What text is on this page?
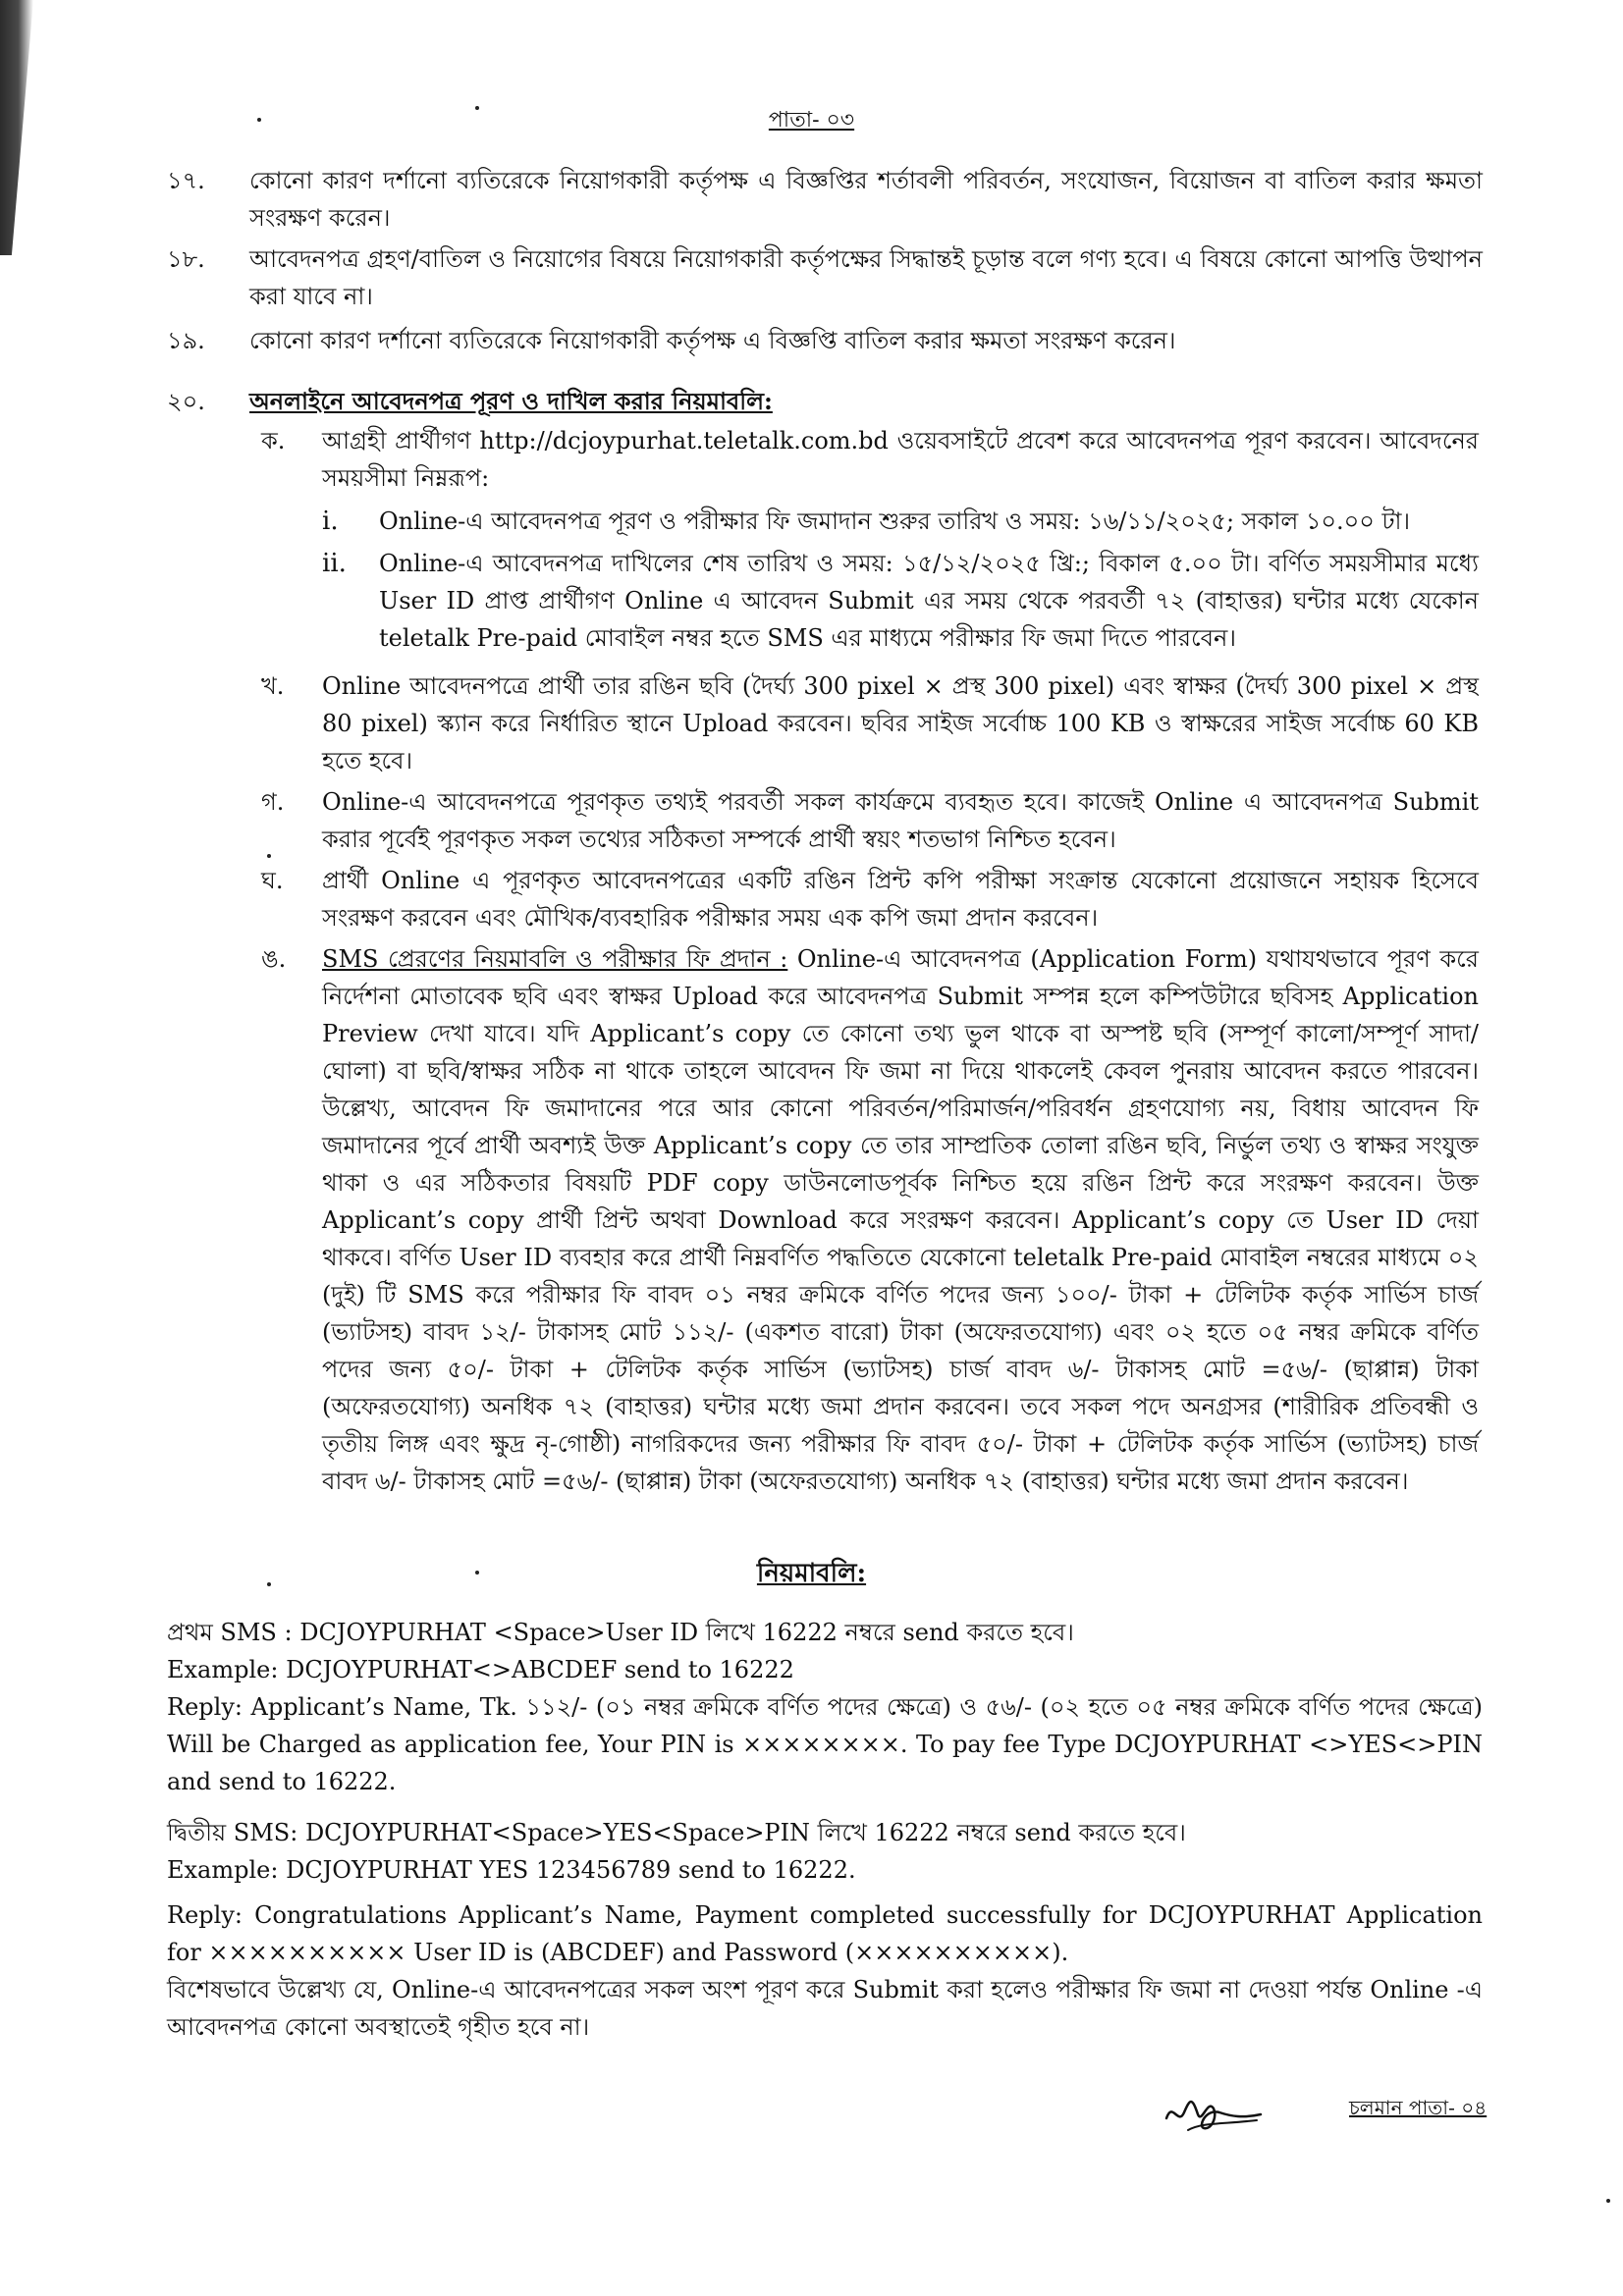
পাতা- ০৩
১৭.	কোনো কারণ দর্শানো ব্যতিরেকে নিয়োগকারী কর্তৃপক্ষ এ বিজ্ঞপ্তির শর্তাবলী পরিবর্তন, সংযোজন, বিয়োজন বা বাতিল করার ক্ষমতা সংরক্ষণ করেন।
১৮.	আবেদনপত্র গ্রহণ/বাতিল ও নিয়োগের বিষয়ে নিয়োগকারী কর্তৃপক্ষের সিদ্ধান্তই চূড়ান্ত বলে গণ্য হবে। এ বিষয়ে কোনো আপত্তি উত্থাপন করা যাবে না।
১৯.	কোনো কারণ দর্শানো ব্যতিরেকে নিয়োগকারী কর্তৃপক্ষ এ বিজ্ঞপ্তি বাতিল করার ক্ষমতা সংরক্ষণ করেন।
২০.	অনলাইনে আবেদনপত্র পূরণ ও দাখিল করার নিয়মাবলি:
ক.	আগ্রহী প্রার্থীগণ http://dcjoypurhat.teletalk.com.bd ওয়েবসাইটে প্রবেশ করে আবেদনপত্র পূরণ করবেন। আবেদনের সময়সীমা নিম্নরূপ:
i.	Online-এ আবেদনপত্র পূরণ ও পরীক্ষার ফি জমাদান শুরুর তারিখ ও সময়: ১৬/১১/২০২৫; সকাল ১০.০০ টা।
ii.	Online-এ আবেদনপত্র দাখিলের শেষ তারিখ ও সময়: ১৫/১২/২০২৫ খ্রি:; বিকাল ৫.০০ টা। বর্ণিত সময়সীমার মধ্যে User ID প্রাপ্ত প্রার্থীগণ Online এ আবেদন Submit এর সময় থেকে পরবর্তী ৭২ (বাহাত্তর) ঘন্টার মধ্যে যেকোন teletalk Pre-paid মোবাইল নম্বর হতে SMS এর মাধ্যমে পরীক্ষার ফি জমা দিতে পারবেন।
খ.	Online আবেদনপত্রে প্রার্থী তার রঙিন ছবি (দৈর্ঘ্য 300 pixel × প্রস্থ 300 pixel) এবং স্বাক্ষর (দৈর্ঘ্য 300 pixel × প্রস্থ 80 pixel) স্ক্যান করে নির্ধারিত স্থানে Upload করবেন। ছবির সাইজ সর্বোচ্চ 100 KB ও স্বাক্ষরের সাইজ সর্বোচ্চ 60 KB হতে হবে।
গ.	Online-এ আবেদনপত্রে পূরণকৃত তথ্যই পরবর্তী সকল কার্যক্রমে ব্যবহৃত হবে। কাজেই Online এ আবেদনপত্র Submit করার পূর্বেই পূরণকৃত সকল তথ্যের সঠিকতা সম্পর্কে প্রার্থী স্বয়ং শতভাগ নিশ্চিত হবেন।
ঘ.	প্রার্থী Online এ পূরণকৃত আবেদনপত্রের একটি রঙিন প্রিন্ট কপি পরীক্ষা সংক্রান্ত যেকোনো প্রয়োজনে সহায়ক হিসেবে সংরক্ষণ করবেন এবং মৌখিক/ব্যবহারিক পরীক্ষার সময় এক কপি জমা প্রদান করবেন।
ঙ.	SMS প্রেরণের নিয়মাবলি ও পরীক্ষার ফি প্রদান : Online-এ আবেদনপত্র (Application Form) যথাযথভাবে পূরণ করে নির্দেশনা মোতাবেক ছবি এবং স্বাক্ষর Upload করে আবেদনপত্র Submit সম্পন্ন হলে কম্পিউটারে ছবিসহ Application Preview দেখা যাবে। যদি Applicant’s copy তে কোনো তথ্য ভুল থাকে বা অস্পষ্ট ছবি (সম্পূর্ণ কালো/সম্পূর্ণ সাদা/ঘোলা) বা ছবি/স্বাক্ষর সঠিক না থাকে তাহলে আবেদন ফি জমা না দিয়ে থাকলেই কেবল পুনরায় আবেদন করতে পারবেন। উল্লেখ্য, আবেদন ফি জমাদানের পরে আর কোনো পরিবর্তন/পরিমার্জন/পরিবর্ধন গ্রহণযোগ্য নয়, বিধায় আবেদন ফি জমাদানের পূর্বে প্রার্থী অবশ্যই উক্ত Applicant’s copy তে তার সাম্প্রতিক তোলা রঙিন ছবি, নির্ভুল তথ্য ও স্বাক্ষর সংযুক্ত থাকা ও এর সঠিকতার বিষয়টি PDF copy ডাউনলোডপূর্বক নিশ্চিত হয়ে রঙিন প্রিন্ট করে সংরক্ষণ করবেন। উক্ত Applicant’s copy প্রার্থী প্রিন্ট অথবা Download করে সংরক্ষণ করবেন। Applicant’s copy তে User ID দেয়া থাকবে। বর্ণিত User ID ব্যবহার করে প্রার্থী নিম্নবর্ণিত পদ্ধতিতে যেকোনো teletalk Pre-paid মোবাইল নম্বরের মাধ্যমে ০২ (দুই) টি SMS করে পরীক্ষার ফি বাবদ ০১ নম্বর ক্রমিকে বর্ণিত পদের জন্য ১০০/- টাকা + টেলিটক কর্তৃক সার্ভিস চার্জ (ভ্যাটসহ) বাবদ ১২/- টাকাসহ মোট ১১২/- (একশত বারো) টাকা (অফেরতযোগ্য) এবং ০২ হতে ০৫ নম্বর ক্রমিকে বর্ণিত পদের জন্য ৫০/- টাকা + টেলিটক কর্তৃক সার্ভিস (ভ্যাটসহ) চার্জ বাবদ ৬/- টাকাসহ মোট =৫৬/- (ছাপ্পান্ন) টাকা (অফেরতযোগ্য) অনধিক ৭২ (বাহাত্তর) ঘন্টার মধ্যে জমা প্রদান করবেন। তবে সকল পদে অনগ্রসর (শারীরিক প্রতিবন্ধী ও তৃতীয় লিঙ্গ এবং ক্ষুদ্র নৃ-গোষ্ঠী) নাগরিকদের জন্য পরীক্ষার ফি বাবদ ৫০/- টাকা + টেলিটক কর্তৃক সার্ভিস (ভ্যাটসহ) চার্জ বাবদ ৬/- টাকাসহ মোট =৫৬/- (ছাপ্পান্ন) টাকা (অফেরতযোগ্য) অনধিক ৭২ (বাহাত্তর) ঘন্টার মধ্যে জমা প্রদান করবেন।
নিয়মাবলি:

প্রথম SMS : DCJOYPURHAT <Space>User ID লিখে 16222 নম্বরে send করতে হবে।

Example: DCJOYPURHAT<>ABCDEF send to 16222

Reply: Applicant’s Name, Tk. ১১২/- (০১ নম্বর ক্রমিকে বর্ণিত পদের ক্ষেত্রে) ও ৫৬/- (০২ হতে ০৫ নম্বর ক্রমিকে বর্ণিত পদের ক্ষেত্রে) Will be Charged as application fee, Your PIN is ××××××××. To pay fee Type DCJOYPURHAT <>YES<>PIN and send to 16222.

দ্বিতীয় SMS: DCJOYPURHAT<Space>YES<Space>PIN লিখে 16222 নম্বরে send করতে হবে।

Example: DCJOYPURHAT YES 123456789 send to 16222.

Reply: Congratulations Applicant’s Name, Payment completed successfully for DCJOYPURHAT Application for ×××××××××× User ID is (ABCDEF) and Password (××××××××××).

বিশেষভাবে উল্লেখ্য যে, Online-এ আবেদনপত্রের সকল অংশ পূরণ করে Submit করা হলেও পরীক্ষার ফি জমা না দেওয়া পর্যন্ত Online -এ আবেদনপত্র কোনো অবস্থাতেই গৃহীত হবে না।

চলমান পাতা- ০৪
